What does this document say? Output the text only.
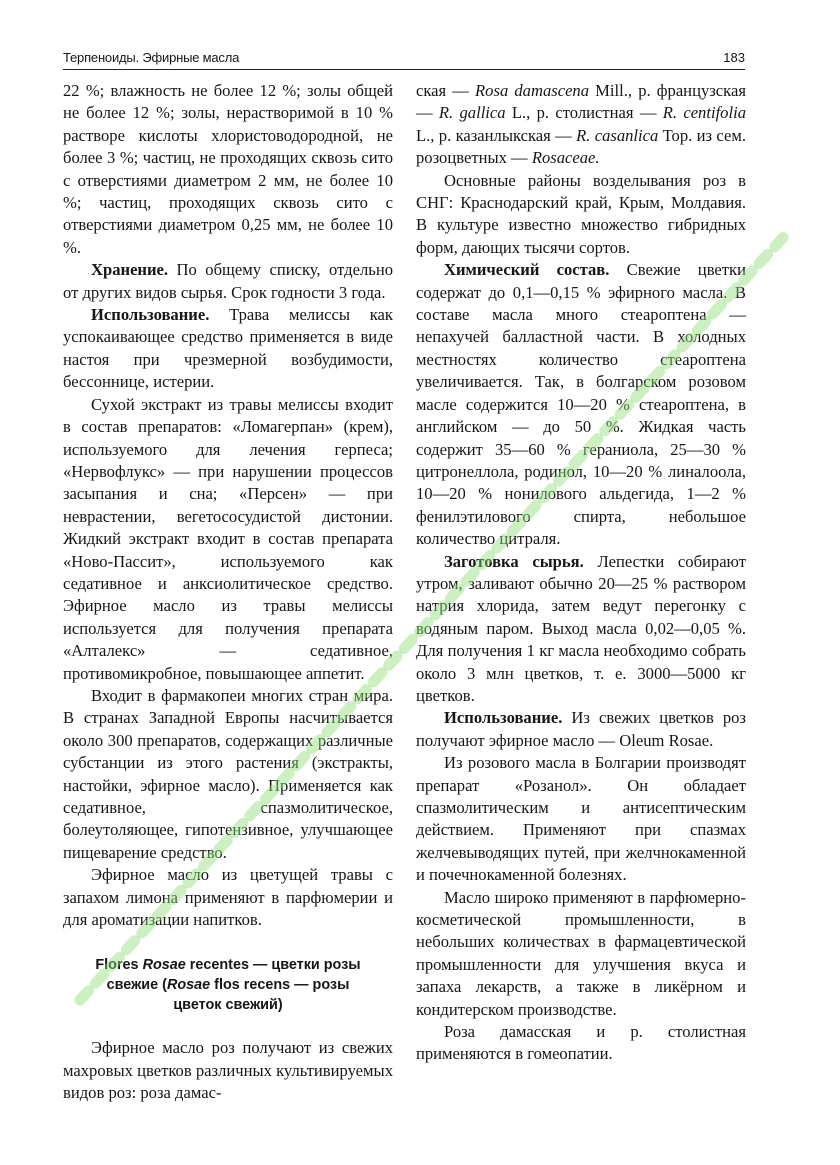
Терпеноиды. Эфирные масла	183

22 %; влажность не более 12 %; золы общей не более 12 %; золы, нерастворимой в 10 % растворе кислоты хлористоводородной, не более 3 %; частиц, не проходящих сквозь сито с отверстиями диаметром 2 мм, не более 10 %; частиц, проходящих сквозь сито с отверстиями диаметром 0,25 мм, не более 10 %.

Хранение. По общему списку, отдельно от других видов сырья. Срок годности 3 года.

Использование. Трава мелиссы как успокаивающее средство применяется в виде настоя при чрезмерной возбудимости, бессоннице, истерии.

Сухой экстракт из травы мелиссы входит в состав препаратов: «Ломагерпан» (крем), используемого для лечения герпеса; «Нервофлукс» — при нарушении процессов засыпания и сна; «Персен» — при неврастении, вегетососудистой дистонии. Жидкий экстракт входит в состав препарата «Ново-Пассит», используемого как седативное и анксиолитическое средство. Эфирное масло из травы мелиссы используется для получения препарата «Алталекс» — седативное, противомикробное, повышающее аппетит.

Входит в фармакопеи многих стран мира. В странах Западной Европы насчитывается около 300 препаратов, содержащих различные субстанции из этого растения (экстракты, настойки, эфирное масло). Применяется как седативное, спазмолитическое, болеутоляющее, гипотензивное, улучшающее пищеварение средство.

Эфирное масло из цветущей травы с запахом лимона применяют в парфюмерии и для ароматизации напитков.

Flores Rosae recentes — цветки розы
свежие (Rosae flos recens — розы
цветок свежий)

Эфирное масло роз получают из свежих махровых цветков различных культивируемых видов роз: роза дамас-

ская — Rosa damascena Mill., р. французская — R. gallica L., р. столистная — R. centifolia L., р. казанлыкская — R. casanlica Тор. из сем. розоцветных — Rosaceae.

Основные районы возделывания роз в СНГ: Краснодарский край, Крым, Молдавия. В культуре известно множество гибридных форм, дающих тысячи сортов.

Химический состав. Свежие цветки содержат до 0,1—0,15 % эфирного масла. В составе масла много стеароптена — непахучей балластной части. В холодных местностях количество стеароптена увеличивается. Так, в болгарском розовом масле содержится 10—20 % стеароптена, в английском — до 50 %. Жидкая часть содержит 35—60 % гераниола, 25—30 % цитронеллола, родинол, 10—20 % линалоола, 10—20 % нонилового альдегида, 1—2 % фенилэтилового спирта, небольшое количество цитраля.

Заготовка сырья. Лепестки собирают утром, заливают обычно 20—25 % раствором натрия хлорида, затем ведут перегонку с водяным паром. Выход масла 0,02—0,05 %. Для получения 1 кг масла необходимо собрать около 3 млн цветков, т. е. 3000—5000 кг цветков.

Использование. Из свежих цветков роз получают эфирное масло — Oleum Rosae.

Из розового масла в Болгарии производят препарат «Розанол». Он обладает спазмолитическим и антисептическим действием. Применяют при спазмах желчевыводящих путей, при желчнокаменной и почечнокаменной болезнях.

Масло широко применяют в парфюмерно-косметической промышленности, в небольших количествах в фармацевтической промышленности для улучшения вкуса и запаха лекарств, а также в ликёрном и кондитерском производстве.

Роза дамасская и р. столистная применяются в гомеопатии.
